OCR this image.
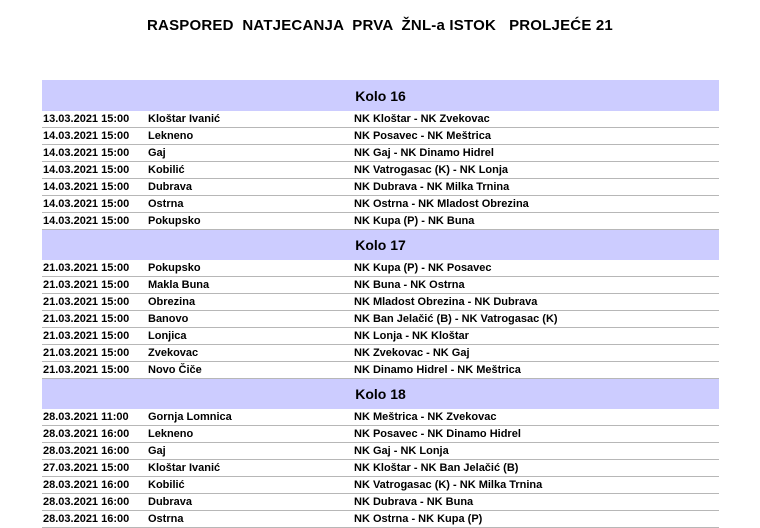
RASPORED  NATJECANJA  PRVA  ŽNL-a ISTOK   PROLJEĆE 21
Kolo 16
13.03.2021 15:00 Kloštar Ivanić	NK Kloštar - NK Zvekovac
14.03.2021 15:00 Lekneno	NK Posavec - NK Meštrica
14.03.2021 15:00 Gaj	NK Gaj - NK Dinamo Hidrel
14.03.2021 15:00 Kobilić	NK Vatrogasac (K) - NK Lonja
14.03.2021 15:00 Dubrava	NK Dubrava - NK Milka Trnina
14.03.2021 15:00 Ostrna	NK Ostrna - NK Mladost Obrezina
14.03.2021 15:00 Pokupsko	NK Kupa (P) - NK Buna
Kolo 17
21.03.2021 15:00 Pokupsko	NK Kupa (P) - NK Posavec
21.03.2021 15:00 Makla Buna	NK Buna - NK Ostrna
21.03.2021 15:00 Obrezina	NK Mladost Obrezina - NK Dubrava
21.03.2021 15:00 Banovo	NK Ban Jelačić (B) - NK Vatrogasac (K)
21.03.2021 15:00 Lonjica	NK Lonja - NK Kloštar
21.03.2021 15:00 Zvekovac	NK Zvekovac - NK Gaj
21.03.2021 15:00 Novo Čiče	NK Dinamo Hidrel - NK Meštrica
Kolo 18
28.03.2021 11:00 Gornja Lomnica	NK Meštrica - NK Zvekovac
28.03.2021 16:00 Lekneno	NK Posavec - NK Dinamo Hidrel
28.03.2021 16:00 Gaj	NK Gaj - NK Lonja
27.03.2021 15:00 Kloštar Ivanić	NK Kloštar - NK Ban Jelačić (B)
28.03.2021 16:00 Kobilić	NK Vatrogasac (K) - NK Milka Trnina
28.03.2021 16:00 Dubrava	NK Dubrava - NK Buna
28.03.2021 16:00 Ostrna	NK Ostrna - NK Kupa (P)
